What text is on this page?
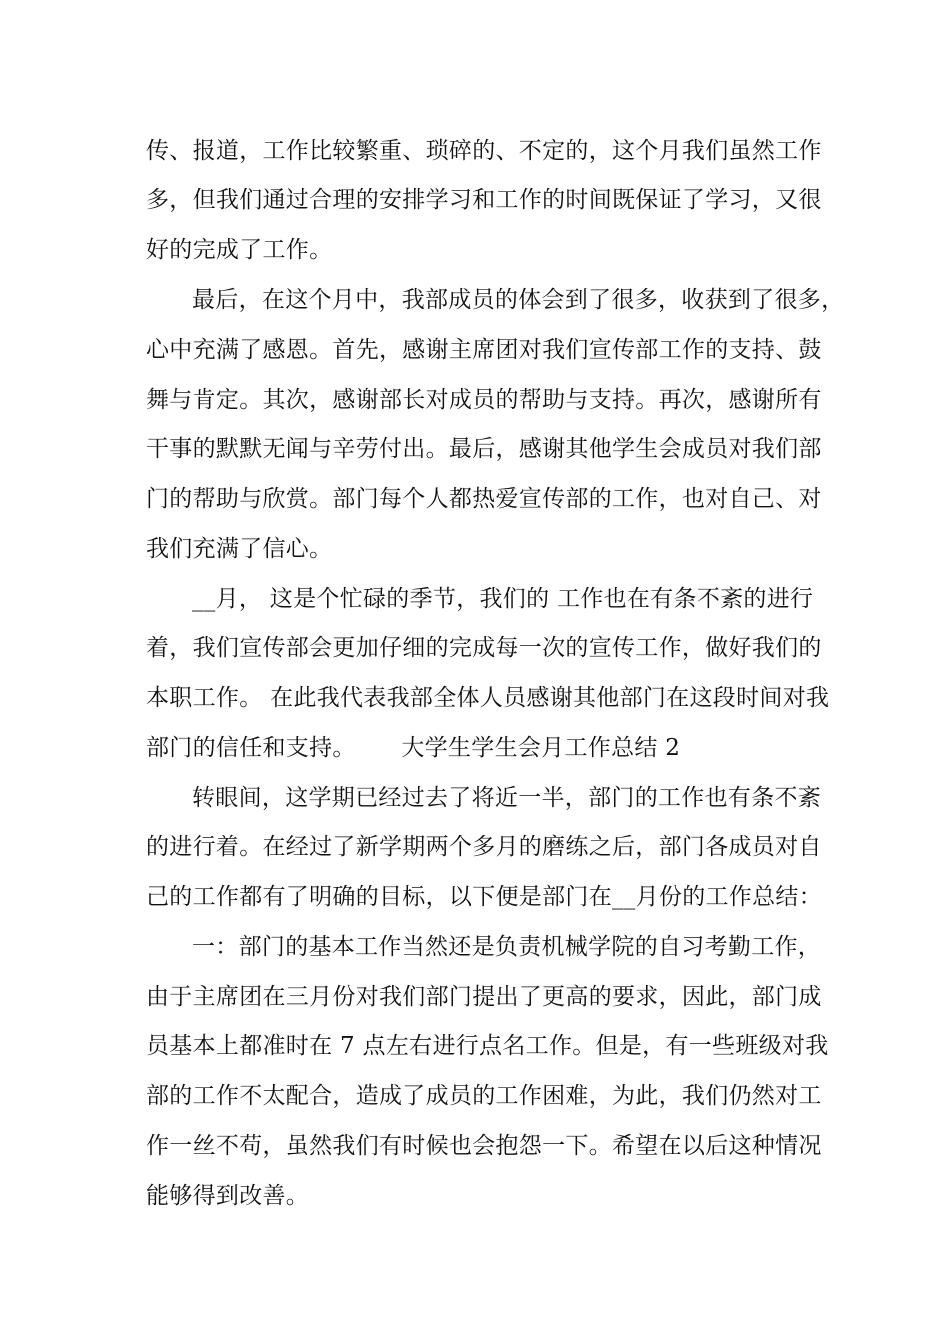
传、报道，工作比较繁重、琐碎的、不定的，这个月我们虽然工作
多，但我们通过合理的安排学习和工作的时间既保证了学习，又很
好的完成了工作。
最后，在这个月中，我部成员的体会到了很多，收获到了很多，
心中充满了感恩。首先，感谢主席团对我们宣传部工作的支持、鼓
舞与肯定。其次，感谢部长对成员的帮助与支持。再次，感谢所有
干事的默默无闻与辛劳付出。最后，感谢其他学生会成员对我们部
门的帮助与欣赏。部门每个人都热爱宣传部的工作，也对自己、对
我们充满了信心。
__月， 这是个忙碌的季节，我们的 工作也在有条不紊的进行
着，我们宣传部会更加仔细的完成每一次的宣传工作，做好我们的
本职工作。 在此我代表我部全体人员感谢其他部门在这段时间对我
部门的信任和支持。      大学生学生会月工作总结 2
转眼间，这学期已经过去了将近一半，部门的工作也有条不紊
的进行着。在经过了新学期两个多月的磨练之后，部门各成员对自
己的工作都有了明确的目标，以下便是部门在__月份的工作总结：
一：部门的基本工作当然还是负责机械学院的自习考勤工作，
由于主席团在三月份对我们部门提出了更高的要求，因此，部门成
员基本上都准时在 7 点左右进行点名工作。但是，有一些班级对我
部的工作不太配合，造成了成员的工作困难，为此，我们仍然对工
作一丝不苟，虽然我们有时候也会抱怨一下。希望在以后这种情况
能够得到改善。
